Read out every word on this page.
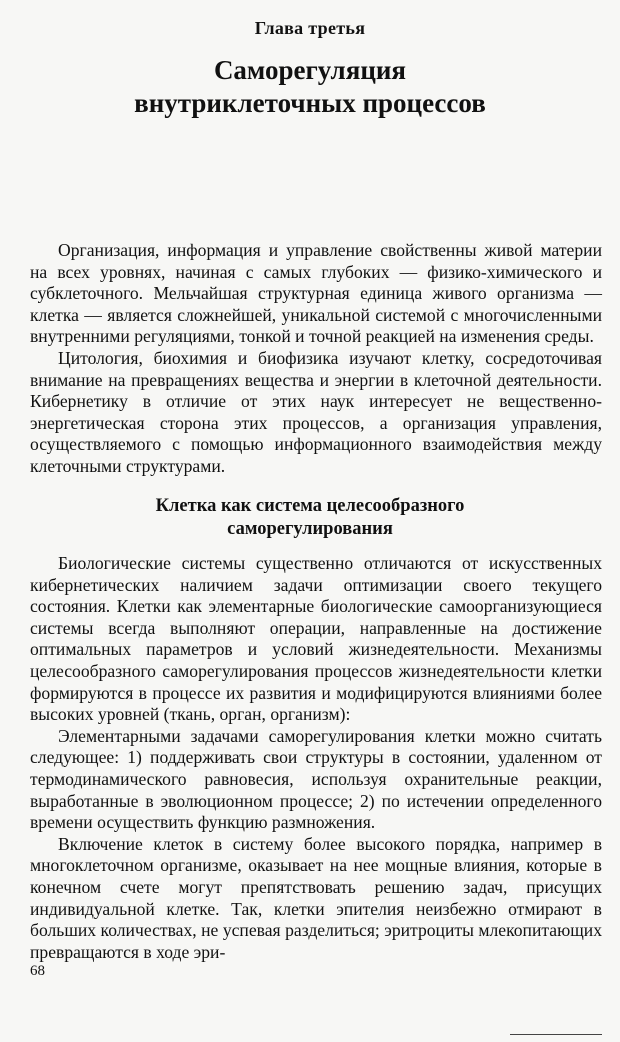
Глава третья
Саморегуляция
внутриклеточных процессов

Организация, информация и управление свойственны живой материи на всех уровнях, начиная с самых глубоких — физико-химического и субклеточного. Мельчайшая структурная единица живого организма — клетка — является сложнейшей, уникальной системой с многочисленными внутренними регуляциями, тонкой и точной реакцией на изменения среды.

Цитология, биохимия и биофизика изучают клетку, сосредоточивая внимание на превращениях вещества и энергии в клеточной деятельности. Кибернетику в отличие от этих наук интересует не вещественно-энергетическая сторона этих процессов, а организация управления, осуществляемого с помощью информационного взаимодействия между клеточными структурами.

Клетка как система целесообразного
саморегулирования

Биологические системы существенно отличаются от искусственных кибернетических наличием задачи оптимизации своего текущего состояния. Клетки как элементарные биологические самоорганизующиеся системы всегда выполняют операции, направленные на достижение оптимальных параметров и условий жизнедеятельности. Механизмы целесообразного саморегулирования процессов жизнедеятельности клетки формируются в процессе их развития и модифицируются влияниями более высоких уровней (ткань, орган, организм):

Элементарными задачами саморегулирования клетки можно считать следующее: 1) поддерживать свои структуры в состоянии, удаленном от термодинамического равновесия, используя охранительные реакции, выработанные в эволюционном процессе; 2) по истечении определенного времени осуществить функцию размножения.

Включение клеток в систему более высокого порядка, например в многоклеточном организме, оказывает на нее мощные влияния, которые в конечном счете могут препятствовать решению задач, присущих индивидуальной клетке. Так, клетки эпителия неизбежно отмирают в больших количествах, не успевая разделиться; эритроциты млекопитающих превращаются в ходе эри-

68
